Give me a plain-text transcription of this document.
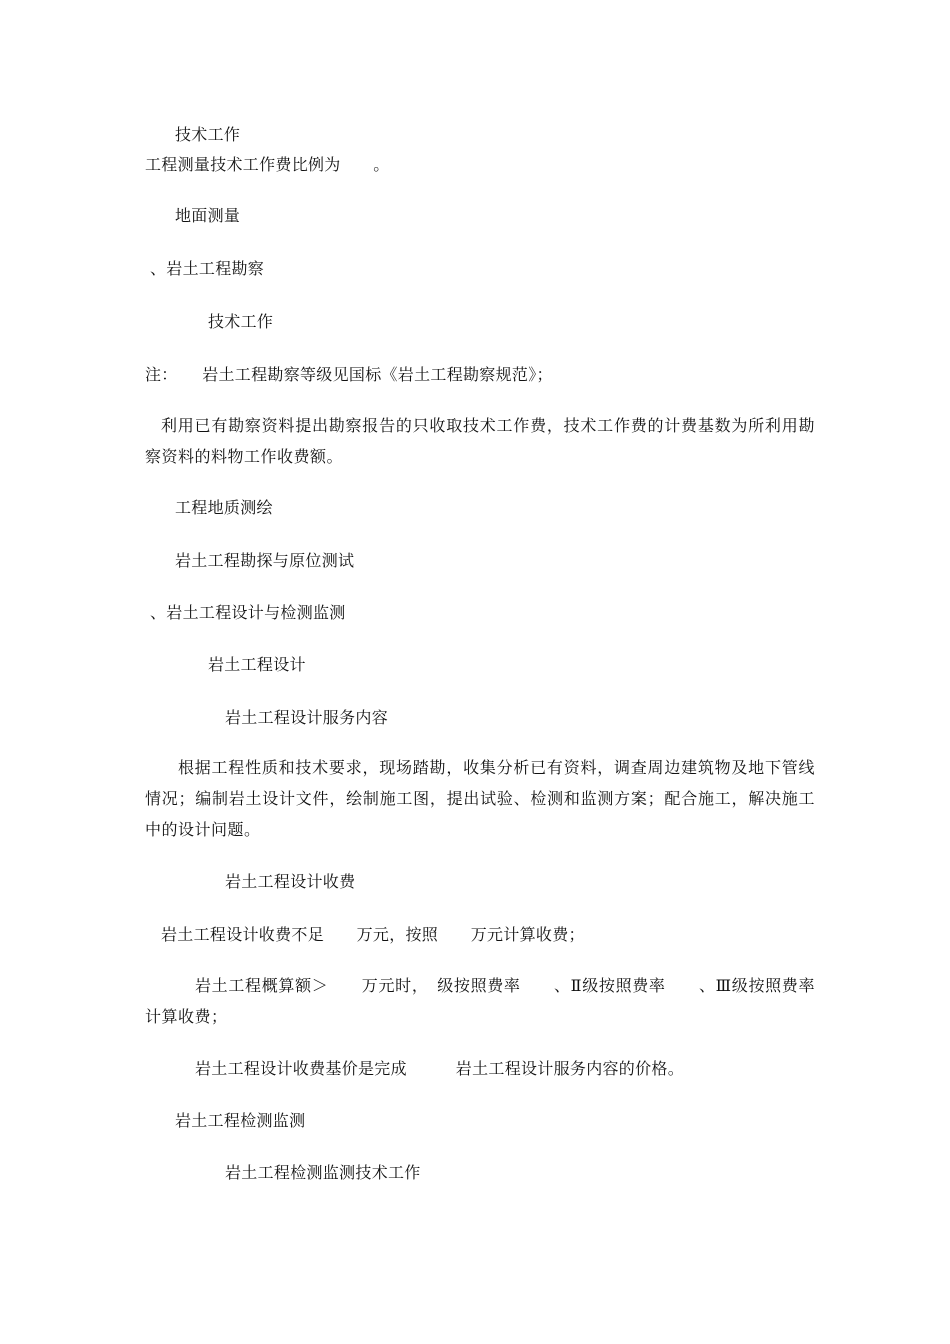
技术工作
工程测量技术工作费比例为　　。
地面测量
、岩土工程勘察
技术工作
注：　　岩土工程勘察等级见国标《岩土工程勘察规范》；
利用已有勘察资料提出勘察报告的只收取技术工作费，技术工作费的计费基数为所利用勘察资料的料物工作收费额。
工程地质测绘
岩土工程勘探与原位测试
、岩土工程设计与检测监测
岩土工程设计
岩土工程设计服务内容
根据工程性质和技术要求，现场踏勘，收集分析已有资料，调查周边建筑物及地下管线情况；编制岩土设计文件，绘制施工图，提出试验、检测和监测方案；配合施工，解决施工中的设计问题。
岩土工程设计收费
岩土工程设计收费不足　　万元，按照　　万元计算收费；
岩土工程概算额＞　　万元时，　级按照费率　　、Ⅱ级按照费率　　、Ⅲ级按照费率　　计算收费；
岩土工程设计收费基价是完成　　　岩土工程设计服务内容的价格。
岩土工程检测监测
岩土工程检测监测技术工作
